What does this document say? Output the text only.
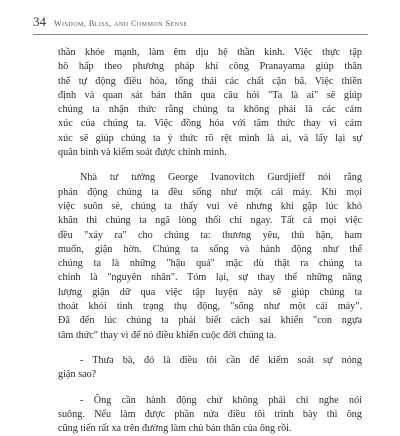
34 Wisdom, Bliss, and Common Sense

thần khỏe mạnh, làm êm dịu hệ thần kinh. Việc thực tập
hô hấp theo phương pháp khí công Pranayama giúp thân
thể tự động điều hòa, tổng thải các chất cặn bã. Việc thiền
định và quan sát bản thân qua câu hỏi "Ta là ai" sẽ giúp
chúng ta nhận thức rằng chúng ta không phải là các cảm
xúc của chúng ta. Việc đồng hóa với tâm thức thay vì cảm
xúc sẽ giúp chúng ta ý thức rõ rệt mình là ai, và lấy lại sự
quân bình và kiểm soát được chính mình.

Nhà tư tưởng George Ivanovitch Gurdjieff nói rằng
phản động chúng ta đều sống như một cái máy. Khi mọi
việc suôn sẻ, chúng ta thấy vui vẻ nhưng khi gặp lúc khó
khăn thì chúng ta ngã lòng thối chí ngay. Tất cả mọi việc
đều "xảy ra" cho chúng ta: thương yêu, thù hận, ham
muốn, giận hờn. Chúng ta sống và hành động như thể
chúng ta là những "hậu quả" mặc dù thật ra chúng ta
chính là "nguyên nhân". Tóm lại, sự thay thế những năng
lượng giận dữ qua việc tập luyện này sẽ giúp chúng ta
thoát khỏi tình trạng thụ động, "sống như một cái máy".
Đã đến lúc chúng ta phải biết cách sai khiến "con ngựa
tâm thức" thay vì để nó điều khiển cuộc đời chúng ta.

- Thưa bà, đó là điều tôi cần để kiểm soát sự nóng
giận sao?

- Ông cần hành động chứ không phải chỉ nghe nói
suông. Nếu làm được phần nửa điều tôi trình bày thì ông
cũng tiến rất xa trên đường làm chủ bản thân của ông rồi.
